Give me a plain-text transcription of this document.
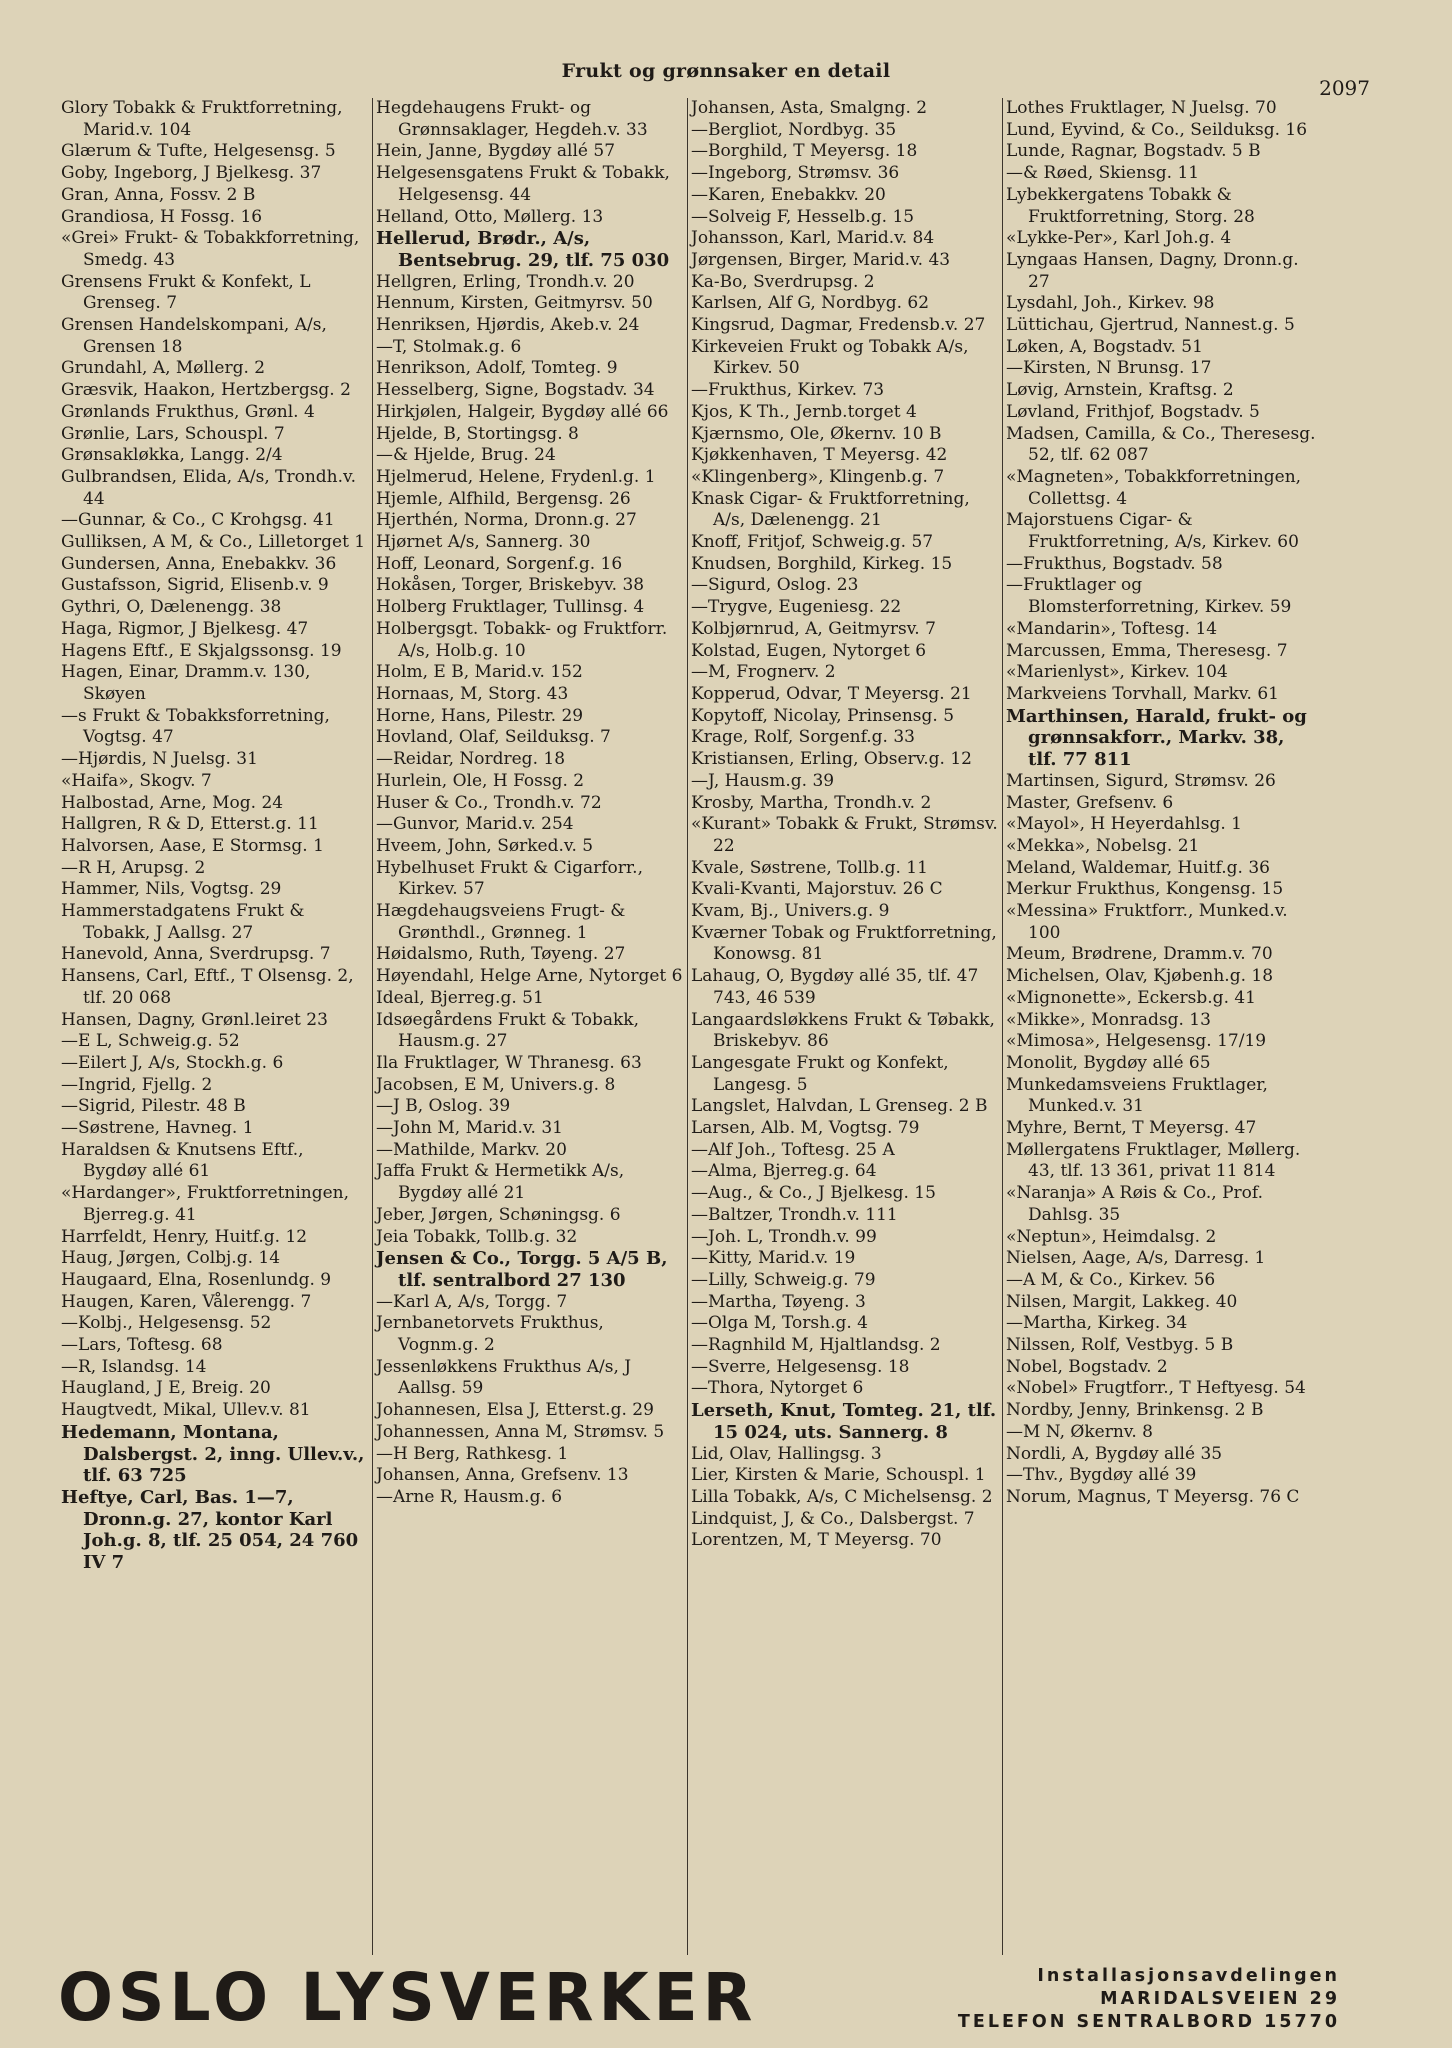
Frukt og grønnsaker en detail
2097
Glory Tobakk & Fruktforretning, Marid.v. 104
Glærum & Tufte, Helgesensg. 5
Goby, Ingeborg, J Bjelkesg. 37
Gran, Anna, Fossv. 2 B
Grandiosa, H Fossg. 16
«Grei» Frukt- & Tobakkforretning, Smedg. 43
Grensens Frukt & Konfekt, L Grenseg. 7
Grensen Handelskompani, A/s, Grensen 18
Grundahl, A, Møllerg. 2
Græsvik, Haakon, Hertzbergsg. 2
Grønlands Frukthus, Grønl. 4
Grønlie, Lars, Schouspl. 7
Grønsakløkka, Langg. 2/4
Gulbrandsen, Elida, A/s, Trondh.v. 44
—Gunnar, & Co., C Krohgsg. 41
Gulliksen, A M, & Co., Lilletorget 1
Gundersen, Anna, Enebakkv. 36
Gustafsson, Sigrid, Elisenb.v. 9
Gythri, O, Dælenengg. 38
Haga, Rigmor, J Bjelkesg. 47
Hagens Eftf., E Skjalgssonsg. 19
Hagen, Einar, Dramm.v. 130, Skøyen
—s Frukt & Tobakksforretning, Vogtsg. 47
—Hjørdis, N Juelsg. 31
«Haifa», Skogv. 7
Halbostad, Arne, Mog. 24
Hallgren, R & D, Etterst.g. 11
Halvorsen, Aase, E Stormsg. 1
—R H, Arupsg. 2
Hammer, Nils, Vogtsg. 29
Hammerstadgatens Frukt & Tobakk, J Aallsg. 27
Hanevold, Anna, Sverdrupsg. 7
Hansens, Carl, Eftf., T Olsensg. 2, tlf. 20 068
Hansen, Dagny, Grønl.leiret 23
—E L, Schweig.g. 52
—Eilert J, A/s, Stockh.g. 6
—Ingrid, Fjellg. 2
—Sigrid, Pilestr. 48 B
—Søstrene, Havneg. 1
Haraldsen & Knutsens Eftf., Bygdøy allé 61
«Hardanger», Fruktforretningen, Bjerreg.g. 41
Harrfeldt, Henry, Huitf.g. 12
Haug, Jørgen, Colbj.g. 14
Haugaard, Elna, Rosenlundg. 9
Haugen, Karen, Vålerengg. 7
—Kolbj., Helgesensg. 52
—Lars, Toftesg. 68
—R, Islandsg. 14
Haugland, J E, Breig. 20
Haugtvedt, Mikal, Ullev.v. 81
Hedemann, Montana, Dalsbergst. 2, inng. Ullev.v., tlf. 63 725
Heftye, Carl, Bas. 1—7, Dronn.g. 27, kontor Karl Joh.g. 8, tlf. 25 054, 24 760 IV 7
Hegdehaugens Frukt- og Grønnsaklager, Hegdeh.v. 33
Hein, Janne, Bygdøy allé 57
Helgesensgatens Frukt & Tobakk, Helgesensg. 44
Helland, Otto, Møllerg. 13
Hellerud, Brødr., A/s, Bentsebrug. 29, tlf. 75 030
Hellgren, Erling, Trondh.v. 20
Hennum, Kirsten, Geitmyrsv. 50
Henriksen, Hjørdis, Akeb.v. 24
—T, Stolmak.g. 6
Henrikson, Adolf, Tomteg. 9
Hesselberg, Signe, Bogstadv. 34
Hirkjølen, Halgeir, Bygdøy allé 66
Hjelde, B, Stortingsg. 8
—& Hjelde, Brug. 24
Hjelmerud, Helene, Frydenl.g. 1
Hjemle, Alfhild, Bergensg. 26
Hjerthén, Norma, Dronn.g. 27
Hjørnet A/s, Sannerg. 30
Hoff, Leonard, Sorgenf.g. 16
Hokåsen, Torger, Briskebyv. 38
Holberg Fruktlager, Tullinsg. 4
Holbergsgt. Tobakk- og Fruktforr. A/s, Holb.g. 10
Holm, E B, Marid.v. 152
Hornaas, M, Storg. 43
Horne, Hans, Pilestr. 29
Hovland, Olaf, Seilduksg. 7
—Reidar, Nordreg. 18
Hurlein, Ole, H Fossg. 2
Huser & Co., Trondh.v. 72
—Gunvor, Marid.v. 254
Hveem, John, Sørked.v. 5
Hybelhuset Frukt & Cigarforr., Kirkev. 57
Hægdehaugsveiens Frugt- & Grønthdl., Grønneg. 1
Høidalsmo, Ruth, Tøyeng. 27
Høyendahl, Helge Arne, Nytorget 6
Ideal, Bjerreg.g. 51
Idsøegårdens Frukt & Tobakk, Hausm.g. 27
Ila Fruktlager, W Thranesg. 63
Jacobsen, E M, Univers.g. 8
—J B, Oslog. 39
—John M, Marid.v. 31
—Mathilde, Markv. 20
Jaffa Frukt & Hermetikk A/s, Bygdøy allé 21
Jeber, Jørgen, Schøningsg. 6
Jeia Tobakk, Tollb.g. 32
Jensen & Co., Torgg. 5 A/5 B, tlf. sentralbord 27 130
—Karl A, A/s, Torgg. 7
Jernbanetorvets Frukthus, Vognm.g. 2
Jessenløkkens Frukthus A/s, J Aallsg. 59
Johannesen, Elsa J, Etterst.g. 29
Johannessen, Anna M, Strømsv. 5
—H Berg, Rathkesg. 1
Johansen, Anna, Grefsenv. 13
—Arne R, Hausm.g. 6
Johansen, Asta, Smalgng. 2
—Bergliot, Nordbyg. 35
—Borghild, T Meyersg. 18
—Ingeborg, Strømsv. 36
—Karen, Enebakkv. 20
—Solveig F, Hesselb.g. 15
Johansson, Karl, Marid.v. 84
Jørgensen, Birger, Marid.v. 43
Ka-Bo, Sverdrupsg. 2
Karlsen, Alf G, Nordbyg. 62
Kingsrud, Dagmar, Fredensb.v. 27
Kirkeveien Frukt og Tobakk A/s, Kirkev. 50
—Frukthus, Kirkev. 73
Kjos, K Th., Jernb.torget 4
Kjærnsmo, Ole, Økernv. 10 B
Kjøkkenhaven, T Meyersg. 42
«Klingenberg», Klingenb.g. 7
Knask Cigar- & Fruktforretning, A/s, Dælenengg. 21
Knoff, Fritjof, Schweig.g. 57
Knudsen, Borghild, Kirkeg. 15
—Sigurd, Oslog. 23
—Trygve, Eugeniesg. 22
Kolbjørnrud, A, Geitmyrsv. 7
Kolstad, Eugen, Nytorget 6
—M, Frognerv. 2
Kopperud, Odvar, T Meyersg. 21
Kopytoff, Nicolay, Prinsensg. 5
Krage, Rolf, Sorgenf.g. 33
Kristiansen, Erling, Observ.g. 12
—J, Hausm.g. 39
Krosby, Martha, Trondh.v. 2
«Kurant» Tobakk & Frukt, Strømsv. 22
Kvale, Søstrene, Tollb.g. 11
Kvali-Kvanti, Majorstuv. 26 C
Kvam, Bj., Univers.g. 9
Kværner Tobak og Fruktforretning, Konowsg. 81
Lahaug, O, Bygdøy allé 35, tlf. 47 743, 46 539
Langaardsløkkens Frukt & Tøbakk, Briskebyv. 86
Langesgate Frukt og Konfekt, Langesg. 5
Langslet, Halvdan, L Grenseg. 2 B
Larsen, Alb. M, Vogtsg. 79
—Alf Joh., Toftesg. 25 A
—Alma, Bjerreg.g. 64
—Aug., & Co., J Bjelkesg. 15
—Baltzer, Trondh.v. 111
—Joh. L, Trondh.v. 99
—Kitty, Marid.v. 19
—Lilly, Schweig.g. 79
—Martha, Tøyeng. 3
—Olga M, Torsh.g. 4
—Ragnhild M, Hjaltlandsg. 2
—Sverre, Helgesensg. 18
—Thora, Nytorget 6
Lerseth, Knut, Tomteg. 21, tlf. 15 024, uts. Sannerg. 8
Lid, Olav, Hallingsg. 3
Lier, Kirsten & Marie, Schouspl. 1
Lilla Tobakk, A/s, C Michelsensg. 2
Lindquist, J, & Co., Dalsbergst. 7
Lorentzen, M, T Meyersg. 70
Lothes Fruktlager, N Juelsg. 70
Lund, Eyvind, & Co., Seilduksg. 16
Lunde, Ragnar, Bogstadv. 5 B
—& Røed, Skiensg. 11
Lybekkergatens Tobakk & Fruktforretning, Storg. 28
«Lykke-Per», Karl Joh.g. 4
Lyngaas Hansen, Dagny, Dronn.g. 27
Lysdahl, Joh., Kirkev. 98
Lüttichau, Gjertrud, Nannest.g. 5
Løken, A, Bogstadv. 51
—Kirsten, N Brunsg. 17
Løvig, Arnstein, Kraftsg. 2
Løvland, Frithjof, Bogstadv. 5
Madsen, Camilla, & Co., Theresesg. 52, tlf. 62 087
«Magneten», Tobakkforretningen, Collettsg. 4
Majorstuens Cigar- & Fruktforretning, A/s, Kirkev. 60
—Frukthus, Bogstadv. 58
—Fruktlager og Blomsterforretning, Kirkev. 59
«Mandarin», Toftesg. 14
Marcussen, Emma, Theresesg. 7
«Marienlyst», Kirkev. 104
Markveiens Torvhall, Markv. 61
Marthinsen, Harald, frukt- og grønnsakforr., Markv. 38, tlf. 77 811
Martinsen, Sigurd, Strømsv. 26
Master, Grefsenv. 6
«Mayol», H Heyerdahlsg. 1
«Mekka», Nobelsg. 21
Meland, Waldemar, Huitf.g. 36
Merkur Frukthus, Kongensg. 15
«Messina» Fruktforr., Munked.v. 100
Meum, Brødrene, Dramm.v. 70
Michelsen, Olav, Kjøbenh.g. 18
«Mignonette», Eckersb.g. 41
«Mikke», Monradsg. 13
«Mimosa», Helgesensg. 17/19
Monolit, Bygdøy allé 65
Munkedamsveiens Fruktlager, Munked.v. 31
Myhre, Bernt, T Meyersg. 47
Møllergatens Fruktlager, Møllerg. 43, tlf. 13 361, privat 11 814
«Naranja» A Røis & Co., Prof. Dahlsg. 35
«Neptun», Heimdalsg. 2
Nielsen, Aage, A/s, Darresg. 1
—A M, & Co., Kirkev. 56
Nilsen, Margit, Lakkeg. 40
—Martha, Kirkeg. 34
Nilssen, Rolf, Vestbyg. 5 B
Nobel, Bogstadv. 2
«Nobel» Frugtforr., T Heftyesg. 54
Nordby, Jenny, Brinkensg. 2 B
—M N, Økernv. 8
Nordli, A, Bygdøy allé 35
—Thv., Bygdøy allé 39
Norum, Magnus, T Meyersg. 76 C
OSLO LYSVERKER	Installasjonsavdelingen
MARIDALSVEIEN 29
TELEFON SENTRALBORD 15770
